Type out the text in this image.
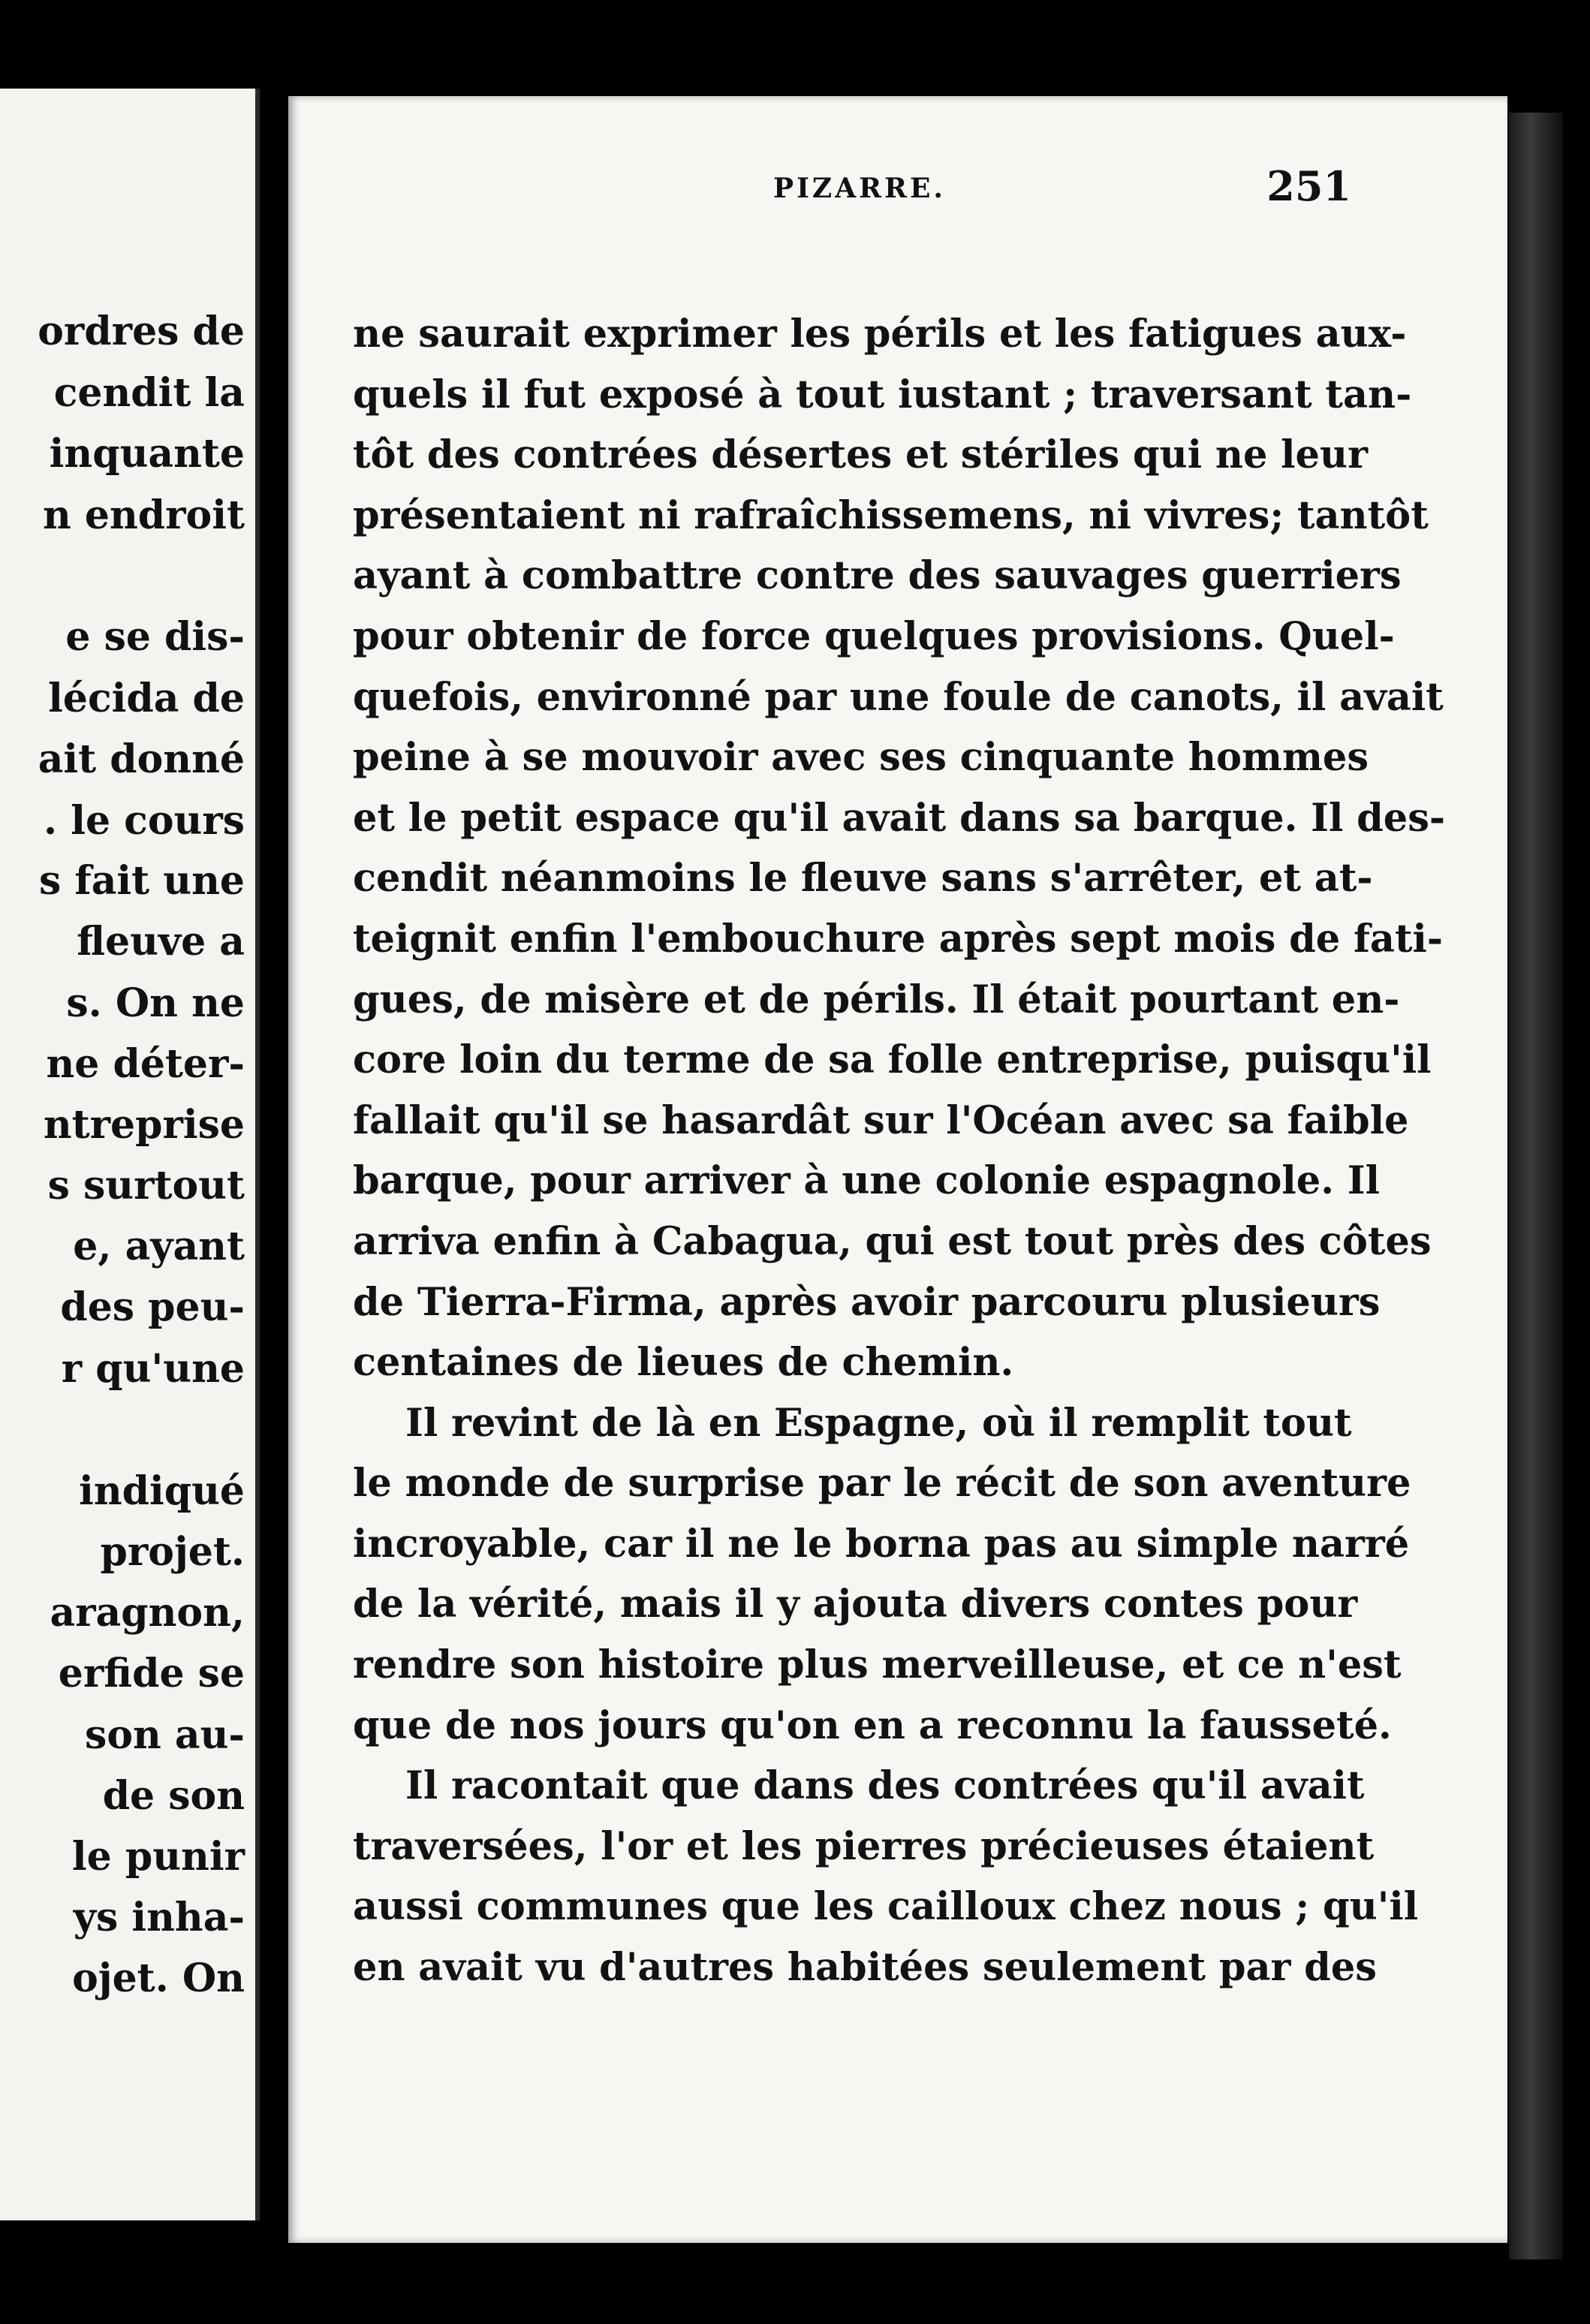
ordres de
cendit la
inquante
n endroit
e se dis-
lécida de
ait donné
. le cours
s fait une
fleuve a
s. On ne
ne déter-
ntreprise
s surtout
e, ayant
des peu-
r qu'une
indiqué
projet.
aragnon,
erfide se
son au-
de son
le punir
ys inha-
ojet. On
PIZARRE.	251
ne saurait exprimer les périls et les fatigues aux-
quels il fut exposé à tout iustant ; traversant tan-
tôt des contrées désertes et stériles qui ne leur
présentaient ni rafraîchissemens, ni vivres; tantôt
ayant à combattre contre des sauvages guerriers
pour obtenir de force quelques provisions. Quel-
quefois, environné par une foule de canots, il avait
peine à se mouvoir avec ses cinquante hommes
et le petit espace qu'il avait dans sa barque. Il des-
cendit néanmoins le fleuve sans s'arrêter, et at-
teignit enfin l'embouchure après sept mois de fati-
gues, de misère et de périls. Il était pourtant en-
core loin du terme de sa folle entreprise, puisqu'il
fallait qu'il se hasardât sur l'Océan avec sa faible
barque, pour arriver à une colonie espagnole. Il
arriva enfin à Cabagua, qui est tout près des côtes
de Tierra-Firma, après avoir parcouru plusieurs
centaines de lieues de chemin.
Il revint de là en Espagne, où il remplit tout
le monde de surprise par le récit de son aventure
incroyable, car il ne le borna pas au simple narré
de la vérité, mais il y ajouta divers contes pour
rendre son histoire plus merveilleuse, et ce n'est
que de nos jours qu'on en a reconnu la fausseté.
Il racontait que dans des contrées qu'il avait
traversées, l'or et les pierres précieuses étaient
aussi communes que les cailloux chez nous ; qu'il
en avait vu d'autres habitées seulement par des
